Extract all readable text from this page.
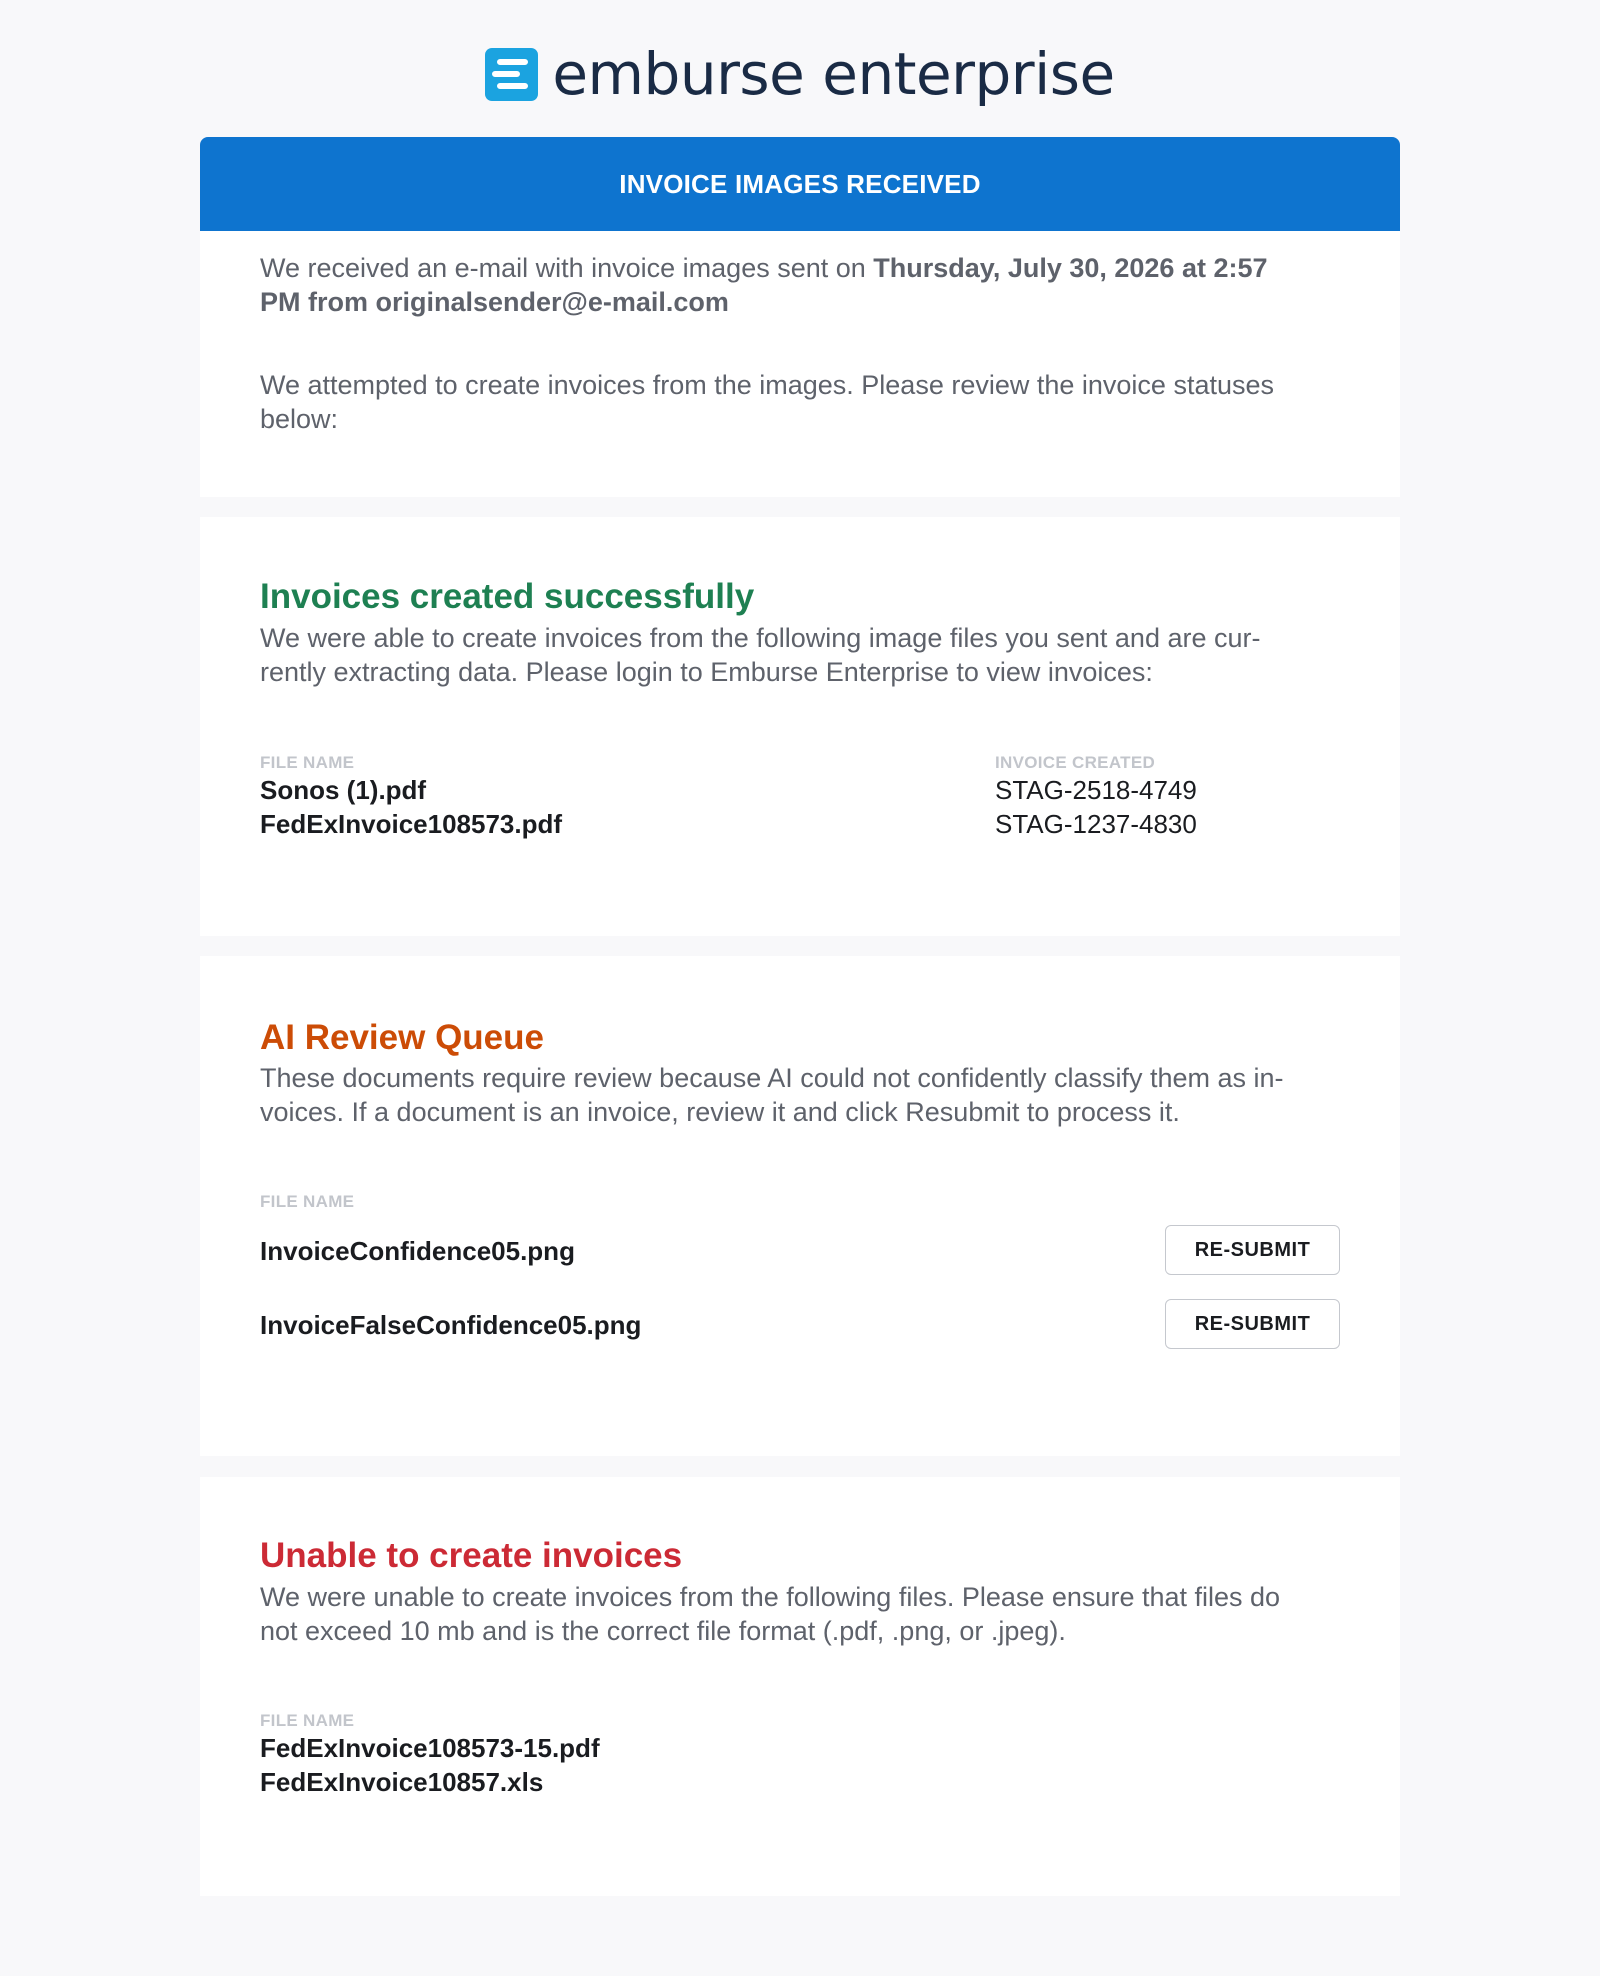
emburse enterprise
INVOICE IMAGES RECEIVED
We received an e-mail with invoice images sent on Thursday, July 30, 2026 at 2:57
PM from originalsender@e-mail.com
We attempted to create invoices from the images. Please review the invoice statuses
below:
Invoices created successfully
We were able to create invoices from the following image files you sent and are cur-
rently extracting data. Please login to Emburse Enterprise to view invoices:
FILE NAME	INVOICE CREATED
Sonos (1).pdf	STAG-2518-4749
FedExInvoice108573.pdf	STAG-1237-4830
AI Review Queue
These documents require review because AI could not confidently classify them as in-
voices. If a document is an invoice, review it and click Resubmit to process it.
FILE NAME
InvoiceConfidence05.png	RE-SUBMIT
InvoiceFalseConfidence05.png	RE-SUBMIT
Unable to create invoices
We were unable to create invoices from the following files. Please ensure that files do
not exceed 10 mb and is the correct file format (.pdf, .png, or .jpeg).
FILE NAME
FedExInvoice108573-15.pdf
FedExInvoice10857.xls
